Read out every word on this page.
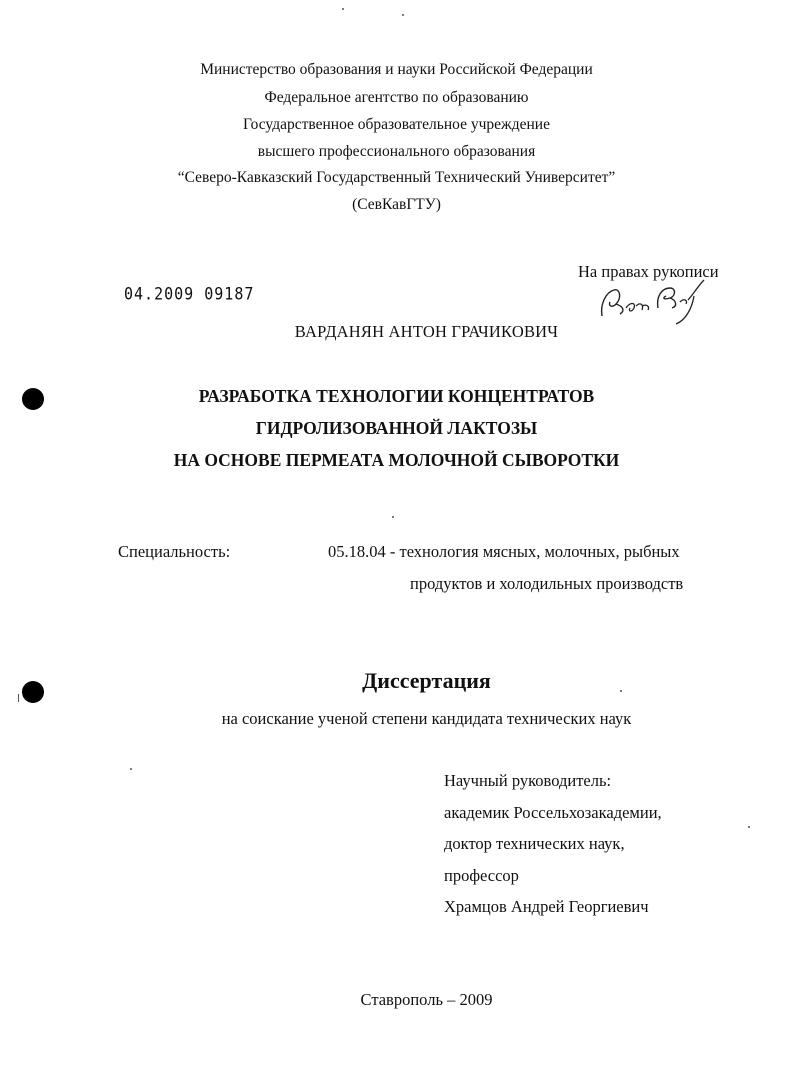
Министерство образования и науки Российской Федерации
Федеральное агентство по образованию
Государственное образовательное учреждение
высшего профессионального образования
“Северо-Кавказский Государственный Технический Университет”
(СевКавГТУ)
На правах рукописи
04.2009 09187
ВАРДАНЯН АНТОН ГРАЧИКОВИЧ
РАЗРАБОТКА ТЕХНОЛОГИИ КОНЦЕНТРАТОВ
ГИДРОЛИЗОВАННОЙ ЛАКТОЗЫ
НА ОСНОВЕ ПЕРМЕАТА МОЛОЧНОЙ СЫВОРОТКИ
Специальность:	05.18.04 - технология мясных, молочных, рыбных
продуктов и холодильных производств
Диссертация
на соискание ученой степени кандидата технических наук
Научный руководитель:
академик Россельхозакадемии,
доктор технических наук,
профессор
Храмцов Андрей Георгиевич
Ставрополь – 2009
